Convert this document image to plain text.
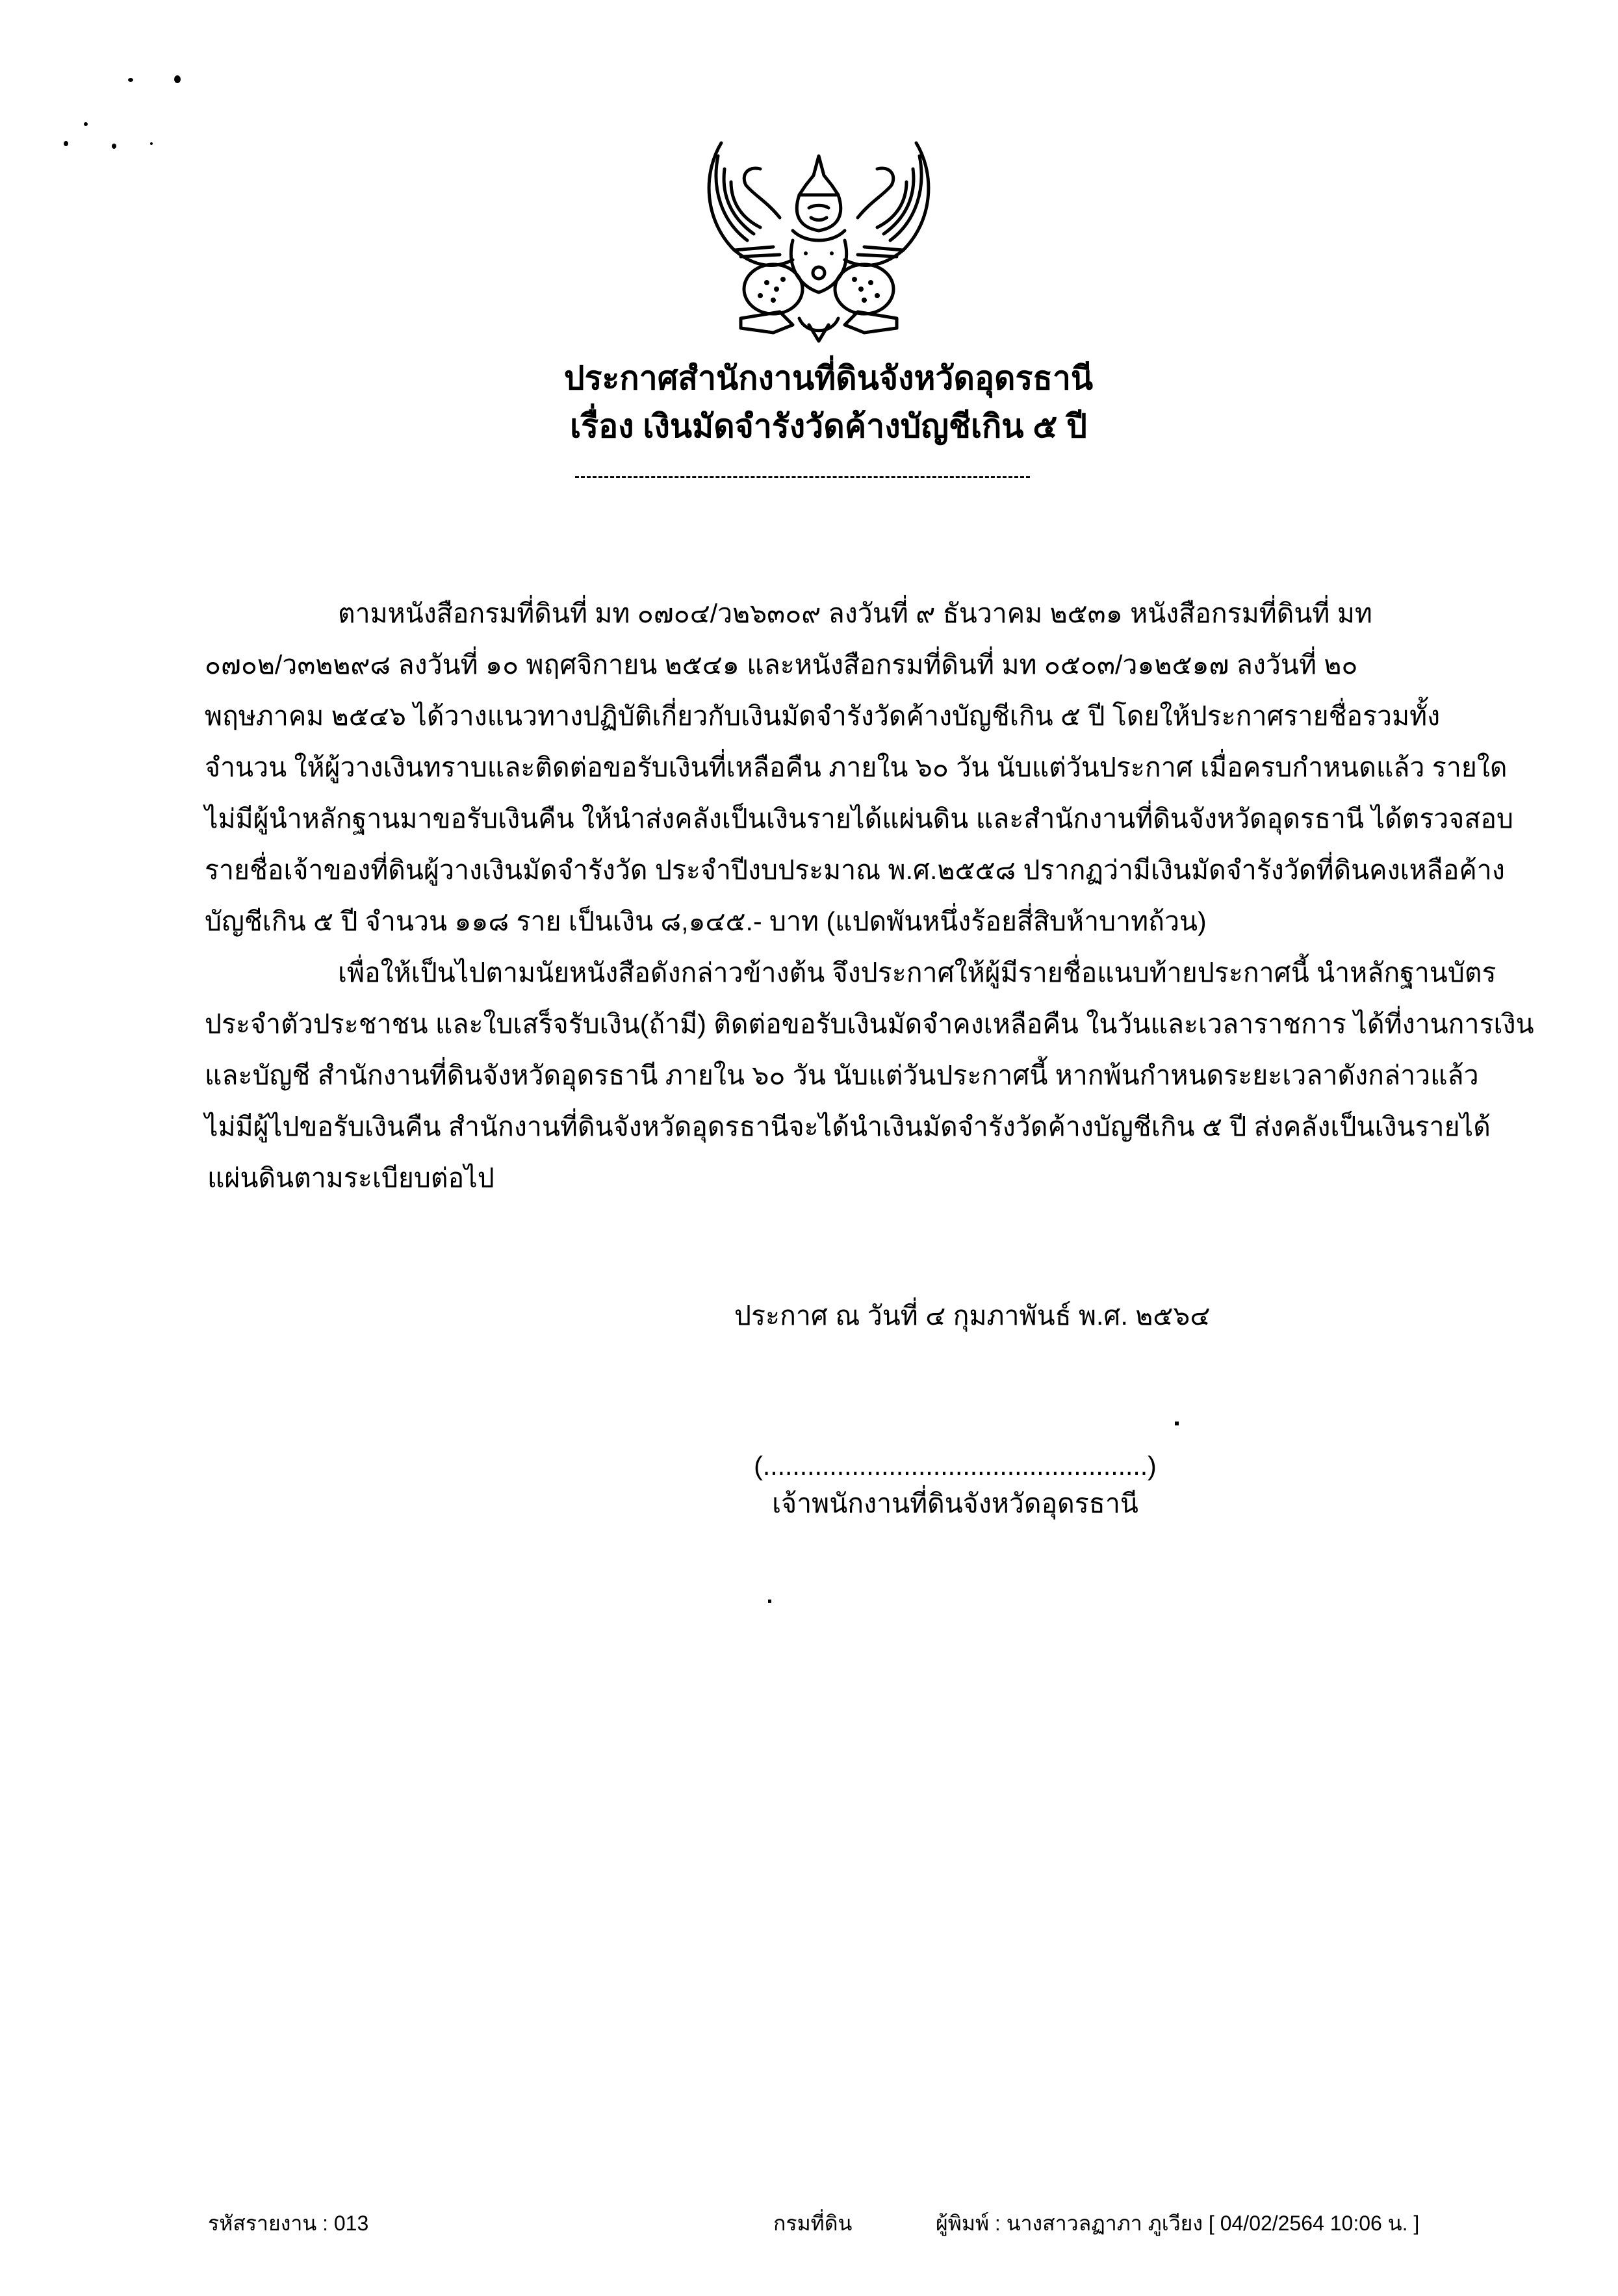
ประกาศสำนักงานที่ดินจังหวัดอุดรธานี
เรื่อง เงินมัดจำรังวัดค้างบัญชีเกิน ๕ ปี
ตามหนังสือกรมที่ดินที่ มท ๐๗๐๔/ว๒๖๓๐๙ ลงวันที่ ๙ ธันวาคม ๒๕๓๑ หนังสือกรมที่ดินที่ มท
๐๗๐๒/ว๓๒๒๙๘ ลงวันที่ ๑๐ พฤศจิกายน ๒๕๔๑ และหนังสือกรมที่ดินที่ มท ๐๕๐๓/ว๑๒๕๑๗ ลงวันที่ ๒๐
พฤษภาคม ๒๕๔๖ ได้วางแนวทางปฏิบัติเกี่ยวกับเงินมัดจำรังวัดค้างบัญชีเกิน ๕ ปี โดยให้ประกาศรายชื่อรวมทั้ง
จำนวน ให้ผู้วางเงินทราบและติดต่อขอรับเงินที่เหลือคืน ภายใน ๖๐ วัน นับแต่วันประกาศ เมื่อครบกำหนดแล้ว รายใด
ไม่มีผู้นำหลักฐานมาขอรับเงินคืน ให้นำส่งคลังเป็นเงินรายได้แผ่นดิน และสำนักงานที่ดินจังหวัดอุดรธานี ได้ตรวจสอบ
รายชื่อเจ้าของที่ดินผู้วางเงินมัดจำรังวัด ประจำปีงบประมาณ พ.ศ.๒๕๕๘ ปรากฏว่ามีเงินมัดจำรังวัดที่ดินคงเหลือค้าง
บัญชีเกิน ๕ ปี จำนวน ๑๑๘ ราย เป็นเงิน ๘,๑๔๕.- บาท (แปดพันหนึ่งร้อยสี่สิบห้าบาทถ้วน)
เพื่อให้เป็นไปตามนัยหนังสือดังกล่าวข้างต้น จึงประกาศให้ผู้มีรายชื่อแนบท้ายประกาศนี้ นำหลักฐานบัตร
ประจำตัวประชาชน และใบเสร็จรับเงิน(ถ้ามี) ติดต่อขอรับเงินมัดจำคงเหลือคืน ในวันและเวลาราชการ ได้ที่งานการเงิน
และบัญชี สำนักงานที่ดินจังหวัดอุดรธานี ภายใน ๖๐ วัน นับแต่วันประกาศนี้ หากพ้นกำหนดระยะเวลาดังกล่าวแล้ว
ไม่มีผู้ไปขอรับเงินคืน สำนักงานที่ดินจังหวัดอุดรธานีจะได้นำเงินมัดจำรังวัดค้างบัญชีเกิน ๕ ปี ส่งคลังเป็นเงินรายได้
แผ่นดินตามระเบียบต่อไป
ประกาศ ณ วันที่ ๔ กุมภาพันธ์ พ.ศ. ๒๕๖๔
(....................................................)
เจ้าพนักงานที่ดินจังหวัดอุดรธานี
รหัสรายงาน : 013	กรมที่ดิน	ผู้พิมพ์ : นางสาวลฏาภา ภูเวียง [ 04/02/2564 10:06 น. ]
